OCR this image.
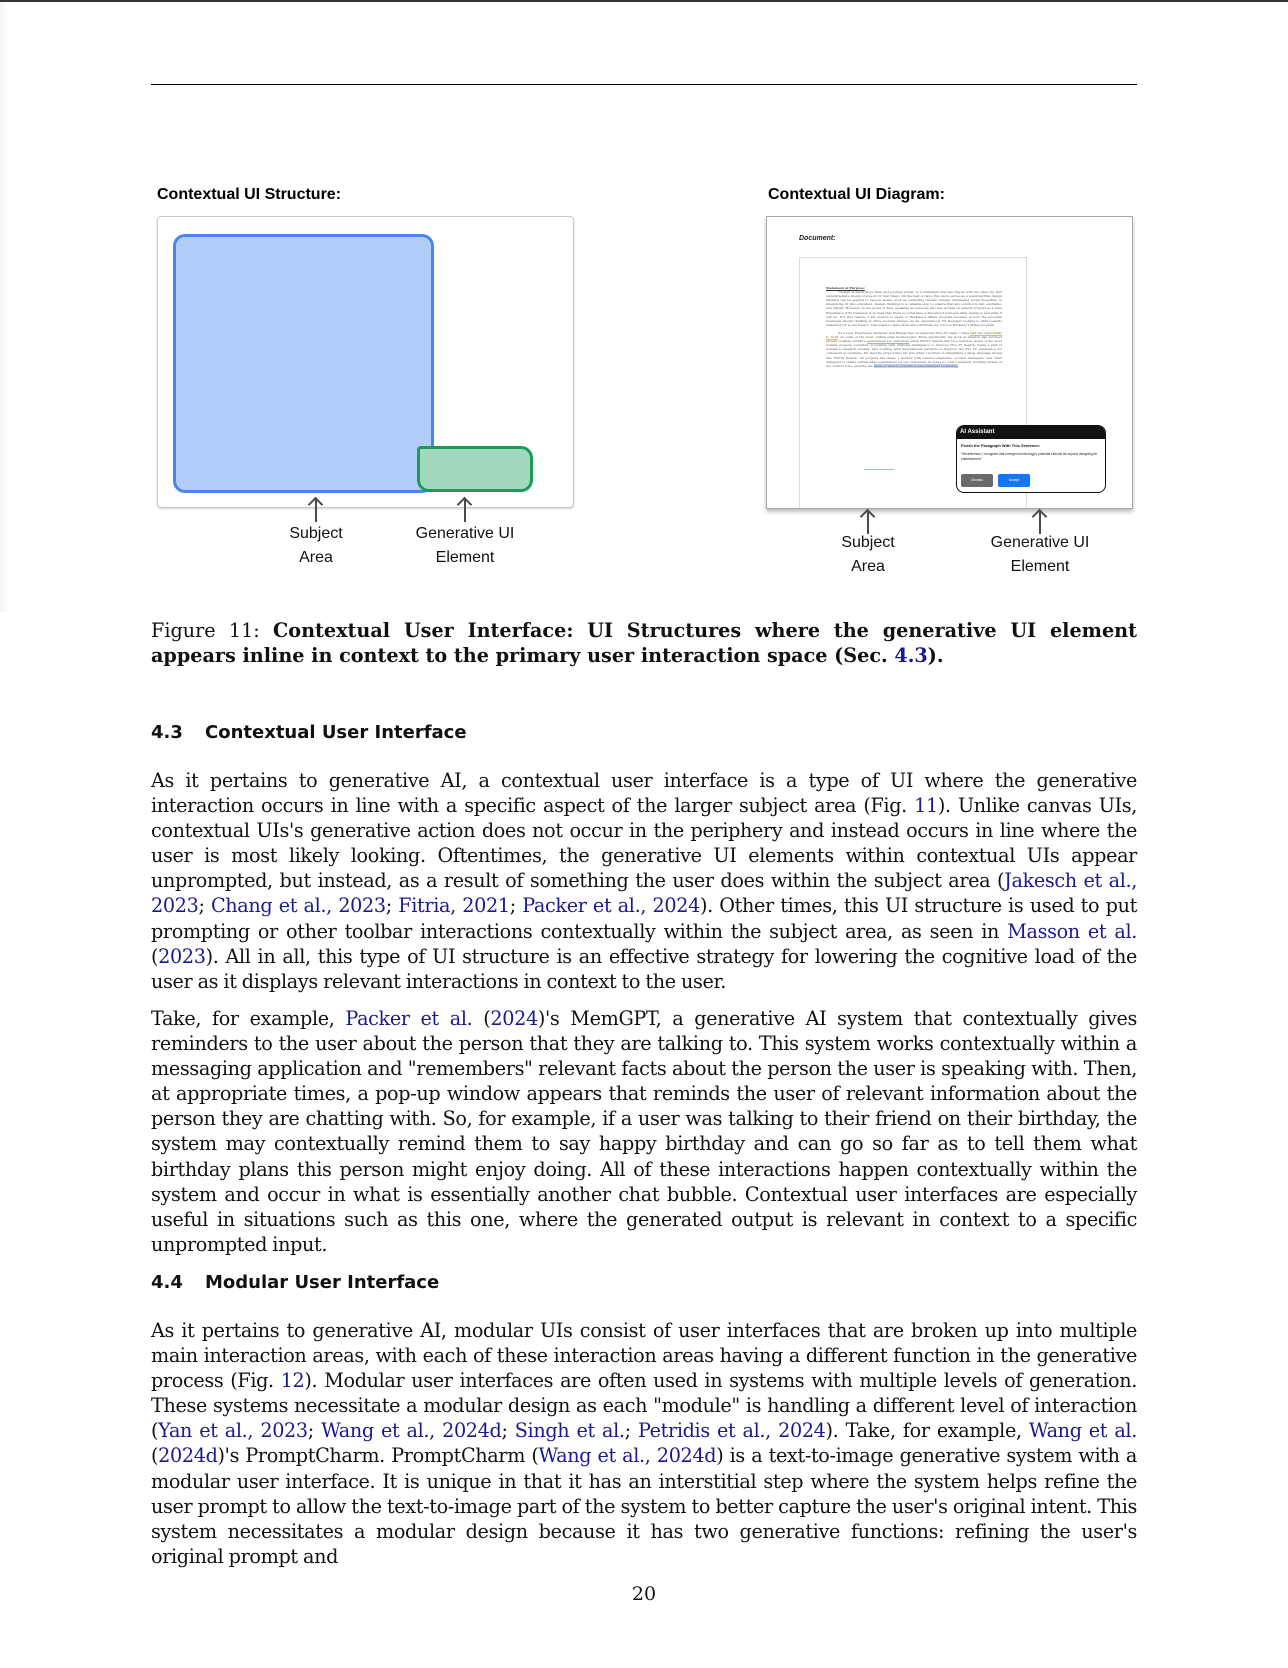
Contextual UI Structure:
Subject
Area
Generative UI
Element
Contextual UI Diagram:
Document:
Statement of Purpose:

"Design is much more than just pushing pixels" is a statement that has stayed with me since my first undergraduate design course at UC San Diego. On the best of days, this quote serves as a reminder that design thinking can be applied to various issues, such as combating climate change, addressing social inequities, or integrating AI into education. Design thinking is a valuable step to ensure that any solution is fair, equitable, and ethical. However, on the worst of days, speaking as someone who has worked on several projects as a User Experience (UX) Designer, it is clear that there is sometimes a disconnect between what design is and what it can be. For this reason, I am excited to apply to Berkeley's MDes program because of how the program leverages design thinking to drive societal change. As an experienced UX Designer looking to shift towards designing for social impact, I am eager to learn from and contribute my voice to Berkeley's MDes program.

As a User Experience Designer and Researcher on Amazon's Fire TV team, I have had the opportunity to work on some of the most cutting-edge technologies. More specifically, my work at Amazon has revolved around creating intuitive experiences for customers using FireTV Search and Live features. Some of my most notable projects consisted of working with artificial intelligence to improve Fire TV Search, being a part of extensive research studies, and working with international partners to improve the live TV experience for customers in Germany. My favorite project thus far was when I worked on integrating a large language model into FireTV Search. On projects like these, I worked with tenured engineers, product managers, and other designers to create cutting-edge experiences for our customers. In doing so, I am constantly working outside of my comfort zone, pushing the limits of what is possible in entertainment technology

AI Assistant
Finish the Paragraph With This Sentence:
"Nevertheless, I recognize that emergent technology's potential extends far beyond designing for entertainment."
Dismiss	Accept
Subject
Area
Generative UI
Element
Figure 11: Contextual User Interface: UI Structures where the generative UI element appears inline in context to the primary user interaction space (Sec. 4.3).
4.3 Contextual User Interface

As it pertains to generative AI, a contextual user interface is a type of UI where the generative interaction occurs in line with a specific aspect of the larger subject area (Fig. 11). Unlike canvas UIs, contextual UIs's generative action does not occur in the periphery and instead occurs in line where the user is most likely looking. Oftentimes, the generative UI elements within contextual UIs appear unprompted, but instead, as a result of something the user does within the subject area (Jakesch et al., 2023; Chang et al., 2023; Fitria, 2021; Packer et al., 2024). Other times, this UI structure is used to put prompting or other toolbar interactions contextually within the subject area, as seen in Masson et al. (2023). All in all, this type of UI structure is an effective strategy for lowering the cognitive load of the user as it displays relevant interactions in context to the user.

Take, for example, Packer et al. (2024)'s MemGPT, a generative AI system that contextually gives reminders to the user about the person that they are talking to. This system works contextually within a messaging application and "remembers" relevant facts about the person the user is speaking with. Then, at appropriate times, a pop-up window appears that reminds the user of relevant information about the person they are chatting with. So, for example, if a user was talking to their friend on their birthday, the system may contextually remind them to say happy birthday and can go so far as to tell them what birthday plans this person might enjoy doing. All of these interactions happen contextually within the system and occur in what is essentially another chat bubble. Contextual user interfaces are especially useful in situations such as this one, where the generated output is relevant in context to a specific unprompted input.

4.4 Modular User Interface

As it pertains to generative AI, modular UIs consist of user interfaces that are broken up into multiple main interaction areas, with each of these interaction areas having a different function in the generative process (Fig. 12). Modular user interfaces are often used in systems with multiple levels of generation. These systems necessitate a modular design as each "module" is handling a different level of interaction (Yan et al., 2023; Wang et al., 2024d; Singh et al.; Petridis et al., 2024). Take, for example, Wang et al. (2024d)'s PromptCharm. PromptCharm (Wang et al., 2024d) is a text-to-image generative system with a modular user interface. It is unique in that it has an interstitial step where the system helps refine the user prompt to allow the text-to-image part of the system to better capture the user's original intent. This system necessitates a modular design because it has two generative functions: refining the user's original prompt and

20
